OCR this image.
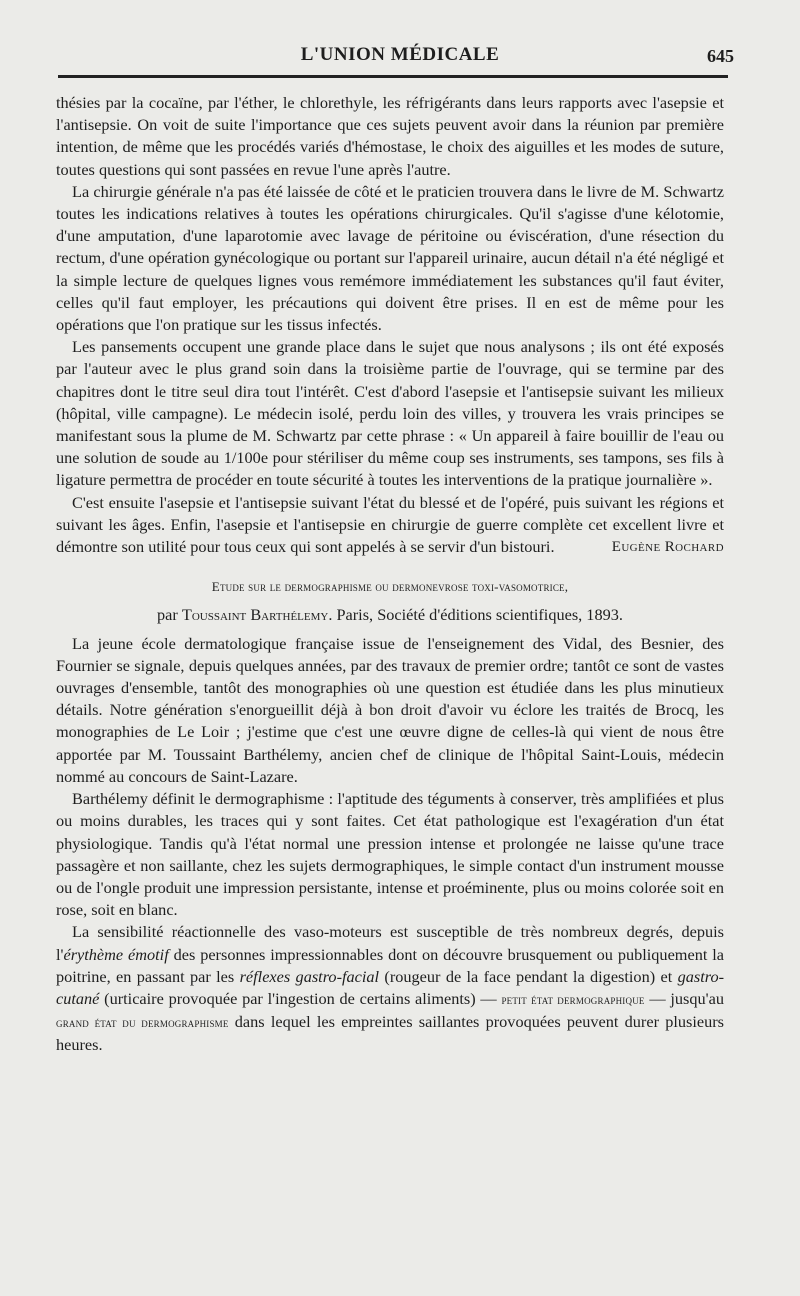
L'UNION MÉDICALE	645

thésies par la cocaïne, par l'éther, le chlorethyle, les réfrigérants dans leurs rapports avec l'asepsie et l'antisepsie. On voit de suite l'importance que ces sujets peuvent avoir dans la réunion par première intention, de même que les procédés variés d'hémostase, le choix des aiguilles et les modes de suture, toutes questions qui sont passées en revue l'une après l'autre.

La chirurgie générale n'a pas été laissée de côté et le praticien trouvera dans le livre de M. Schwartz toutes les indications relatives à toutes les opérations chirurgicales. Qu'il s'agisse d'une kélotomie, d'une amputation, d'une laparotomie avec lavage de péritoine ou éviscération, d'une résection du rectum, d'une opération gynécologique ou portant sur l'appareil urinaire, aucun détail n'a été négligé et la simple lecture de quelques lignes vous remémore immédiatement les substances qu'il faut éviter, celles qu'il faut employer, les précautions qui doivent être prises. Il en est de même pour les opérations que l'on pratique sur les tissus infectés.

Les pansements occupent une grande place dans le sujet que nous analysons ; ils ont été exposés par l'auteur avec le plus grand soin dans la troisième partie de l'ouvrage, qui se termine par des chapitres dont le titre seul dira tout l'intérêt. C'est d'abord l'asepsie et l'antisepsie suivant les milieux (hôpital, ville campagne). Le médecin isolé, perdu loin des villes, y trouvera les vrais principes se manifestant sous la plume de M. Schwartz par cette phrase : « Un appareil à faire bouillir de l'eau ou une solution de soude au 1/100e pour stériliser du même coup ses instruments, ses tampons, ses fils à ligature permettra de procéder en toute sécurité à toutes les interventions de la pratique journalière ».

C'est ensuite l'asepsie et l'antisepsie suivant l'état du blessé et de l'opéré, puis suivant les régions et suivant les âges. Enfin, l'asepsie et l'antisepsie en chirurgie de guerre complète cet excellent livre et démontre son utilité pour tous ceux qui sont appelés à se servir d'un bistouri.	Eugène Rochard

Etude sur le dermographisme ou dermonevrose toxi-vasomotrice,
par Toussaint Barthélemy. Paris, Société d'éditions scientifiques, 1893.

La jeune école dermatologique française issue de l'enseignement des Vidal, des Besnier, des Fournier se signale, depuis quelques années, par des travaux de premier ordre; tantôt ce sont de vastes ouvrages d'ensemble, tantôt des monographies où une question est étudiée dans les plus minutieux détails. Notre génération s'enorgueillit déjà à bon droit d'avoir vu éclore les traités de Brocq, les monographies de Le Loir ; j'estime que c'est une œuvre digne de celles-là qui vient de nous être apportée par M. Toussaint Barthélemy, ancien chef de clinique de l'hôpital Saint-Louis, médecin nommé au concours de Saint-Lazare.

Barthélemy définit le dermographisme : l'aptitude des téguments à conserver, très amplifiées et plus ou moins durables, les traces qui y sont faites. Cet état pathologique est l'exagération d'un état physiologique. Tandis qu'à l'état normal une pression intense et prolongée ne laisse qu'une trace passagère et non saillante, chez les sujets dermographiques, le simple contact d'un instrument mousse ou de l'ongle produit une impression persistante, intense et proéminente, plus ou moins colorée soit en rose, soit en blanc.

La sensibilité réactionnelle des vaso-moteurs est susceptible de très nombreux degrés, depuis l'érythème émotif des personnes impressionnables dont on découvre brusquement ou publiquement la poitrine, en passant par les réflexes gastro-facial (rougeur de la face pendant la digestion) et gastro-cutané (urticaire provoquée par l'ingestion de certains aliments) — petit état dermographique — jusqu'au grand état du dermographisme dans lequel les empreintes saillantes provoquées peuvent durer plusieurs heures.
